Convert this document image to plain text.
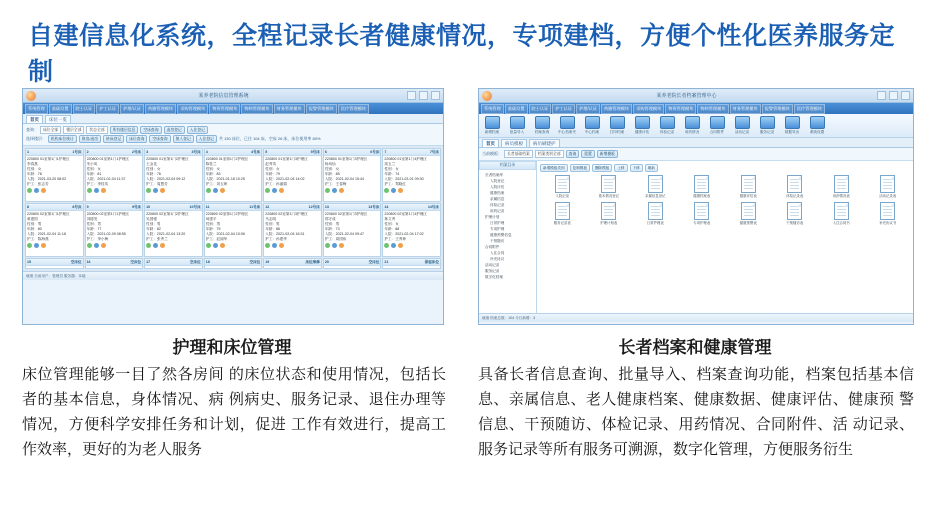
自建信息化系统，全程记录长者健康情况，专项建档，方便个性化医养服务定制
某养老院信息管理系统
系统管理	基础设置	院士认证	护工认证	护理/认证	药膳管理模块	采购管理模块	物资管理模块	物料管理模块	财务管理模块	报警管理模块	医疗管理模块
首页	床位一览
查询：	床位全部	楼层全部	状态全部	所有楼层信息	空床查询	退房登记	入住登记
选择楼层：	机构床位统计	换房/退房	转床登记	床位查询	空床查询	换人登记	入住登记	共 130 床位，已住 104 床，空床 26 床，床位使用率 80%
1	1号床
220800 01室第1门1护理区
李春燕
性别：女
年龄：78
入院：2021-03-20 08:02
护工：张志芳
2	2号床
220800 01室第1门1护理区
朱小凤
性别：女
年龄：81
入院：2021-02-04 11:37
护工：李桂英
3	3号床
220800 01室第1门2护理区
王金花
性别：女
年龄：76
入院：2021-02-04 09:12
护工：周慧芳
4	4号床
220800 01室第1门2护理区
陈桂兰
性别：女
年龄：83
入院：2021-01-18 10:25
护工：刘玉珍
5	5号床
220800 01室第1门3护理区
赵秀英
性别：女
年龄：79
入院：2021-02-04 14:02
护工：孙丽娟
6	6号床
220800 01室第1门3护理区
杨凤仙
性别：女
年龄：85
入院：2021-02-04 15:44
护工：王春梅
7	7号床
220800 01室第1门4护理区
周玉兰
性别：女
年龄：74
入院：2021-03-01 09:30
护工：郑晓红
8	8号床
220800 02室第1门1护理区
黄建国
性别：男
年龄：80
入院：2021-02-04 11:18
护工：陈海燕
9	9号床
220800 02室第1门1护理区
刘德发
性别：男
年龄：77
入院：2021-02-09 08:55
护工：李小梅
10	10号床
220800 02室第1门2护理区
吴国强
性别：男
年龄：82
入院：2021-02-04 13:20
护工：张秀兰
11	11号床
220800 02室第1门2护理区
何建平
性别：男
年龄：75
入院：2021-02-04 10:06
护工：赵丽华
12	12号床
220800 02室第1门3护理区
马志明
性别：男
年龄：86
入院：2021-02-04 16:31
护工：孙建华
13	13号床
220800 02室第1门3护理区
郭守成
性别：男
年龄：73
入院：2021-02-04 09:47
护工：周国伟
14	14号床
220800 02室第1门4护理区
林文秀
性别：女
年龄：88
入院：2021-02-04 17:02
护工：王秀珍
15	空床位 16	空床位 17	空床位 18	空床位 19	床位维修 20	空床位 21	保留床位
就绪 当前用户：管理员 服务器：本地
某养老院长者档案管理中心
系统管理	基础设置	院士认证	护工认证	护理/认证	药膳管理模块	采购管理模块	物资管理模块	物料管理模块	财务管理模块	报警管理模块	医疗管理模块
新增档案	批量导入	档案查询	中心档案夹	中心档案	打印档案	健康评估	体检记录	用药情况	合同附件	活动记录	服务记录	数据导出	系统设置
首页	病员模板	病历刷建护
当前模板：	长者基础档案	档案类别全部	查询	重置	新增模板
档案目录
长者档案库
入院登记
入院评估
健康档案
亲属信息
体检记录
用药记录
护理计划
日常护理
专项护理
健康预警信息
干预随访
合同附件
入住合同
补充协议
活动记录
服务记录
数字化档案
新增模板类别	复制模板	删除模板	上移	下移	刷新
入院记录	基本情况登记	亲属信息登记	健康档案表	健康评估表	体检记录表	用药情况表	活动记录表
服务记录表	护理计划表	日常护理表	专项护理表	健康预警表	干预随访表	入住合同书	补充协议书
就绪 档案总数：104 今日新增：3
护理和床位管理
床位管理能够一目了然各房间 的床位状态和使用情况，包括长者的基本信息，身体情况、病 例病史、服务记录、退住办理等情况，方便科学安排任务和计划，促进 工作有效进行，提高工作效率，更好的为老人服务
长者档案和健康管理
具备长者信息查询、批量导入、档案查询功能，档案包括基本信息、亲属信息、老人健康档案、健康数据、健康评估、健康预 警信息、干预随访、体检记录、用药情况、合同附件、活 动记录、服务记录等所有服务可溯源，数字化管理，方便服务衍生
